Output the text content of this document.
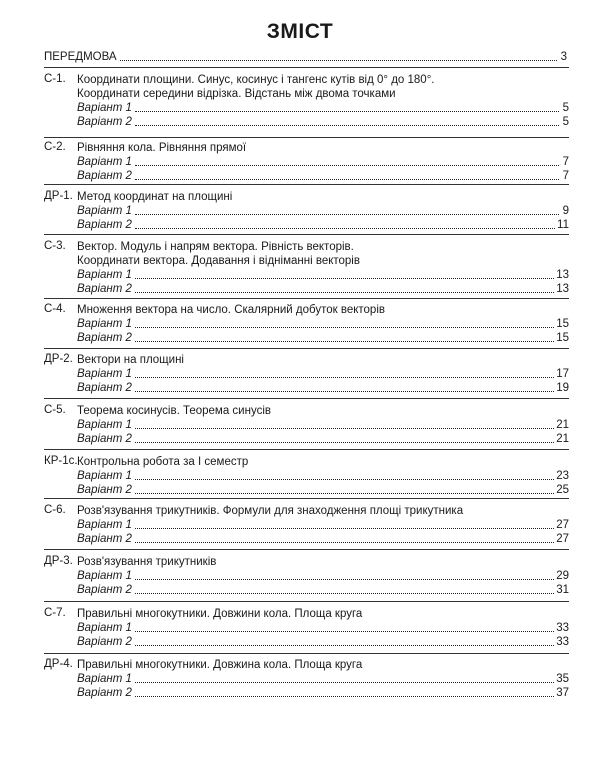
ЗМІСТ
ПЕРЕДМОВА	3
С-1. Координати площини. Синус, косинус і тангенс кутів від 0° до 180°.
Координати середини відрізка. Відстань між двома точками
Варіант 1	5
Варіант 2	5
С-2. Рівняння кола. Рівняння прямої
Варіант 1	7
Варіант 2	7
ДР-1. Метод координат на площині
Варіант 1	9
Варіант 2	11
С-3. Вектор. Модуль і напрям вектора. Рівність векторів.
Координати вектора. Додавання і відніманні векторів
Варіант 1	13
Варіант 2	13
С-4. Множення вектора на число. Скалярний добуток векторів
Варіант 1	15
Варіант 2	15
ДР-2. Вектори на площині
Варіант 1	17
Варіант 2	19
С-5. Теорема косинусів. Теорема синусів
Варіант 1	21
Варіант 2	21
КР-1с. Контрольна робота за І семестр
Варіант 1	23
Варіант 2	25
С-6. Розв'язування трикутників. Формули для знаходження площі трикутника
Варіант 1	27
Варіант 2	27
ДР-3. Розв'язування трикутників
Варіант 1	29
Варіант 2	31
С-7. Правильні многокутники. Довжини кола. Площа круга
Варіант 1	33
Варіант 2	33
ДР-4. Правильні многокутники. Довжина кола. Площа круга
Варіант 1	35
Варіант 2	37
